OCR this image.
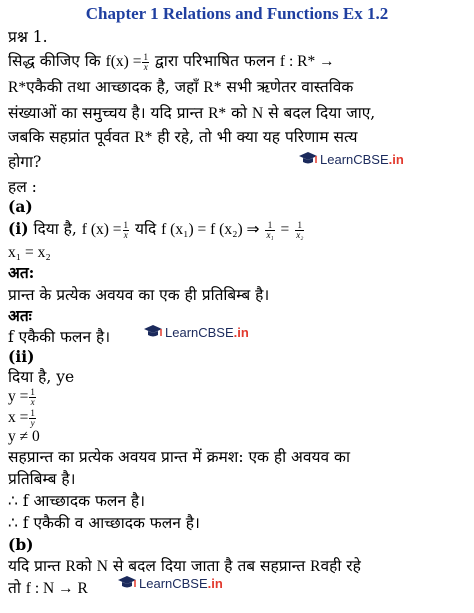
Chapter 1 Relations and Functions Ex 1.2
प्रश्न 1.
सिद्ध कीजिए कि $f(x) = \frac{1}{x}$ द्वारा परिभाषित फलन f : R* →
R*एकैकी तथा आच्छादक है, जहाँ R* सभी ऋणेतर वास्तविक
संख्याओं का समुच्चय है। यदि प्रान्त R* को N से बदल दिया जाए,
जबकि सहप्रांत पूर्ववत R* ही रहे, तो भी क्या यह परिणाम सत्य
होगा?	LearnCBSE .in
हल :
(a)
(i) दिया है, f $(x) = \frac{1}{x}$ यदि f (x₁) = f (x₂) ⇒ $\frac{1}{\text{x₁}} = \frac{1}{\text{x₂}}$
x₁ = x₂
अत:
प्रान्त के प्रत्येक अवयव का एक ही प्रतिबिम्ब है।
अतः
f एकैकी फलन है।	LearnCBSE .in
(ii)
दिया है, ye
$y = \frac{1}{x}$
$x = \frac{1}{y}$
y ≠ 0
सहप्रान्त का प्रत्येक अवयव प्रान्त में क्रमश: एक ही अवयव का
प्रतिबिम्ब है।
∴ f आच्छादक फलन है।
∴ f एकैकी व आच्छादक फलन है।
(b)
यदि प्रान्त Rको N से बदल दिया जाता है तब सहप्रान्त Rवही रहे
तो f : N → R	LearnCBSE .in
